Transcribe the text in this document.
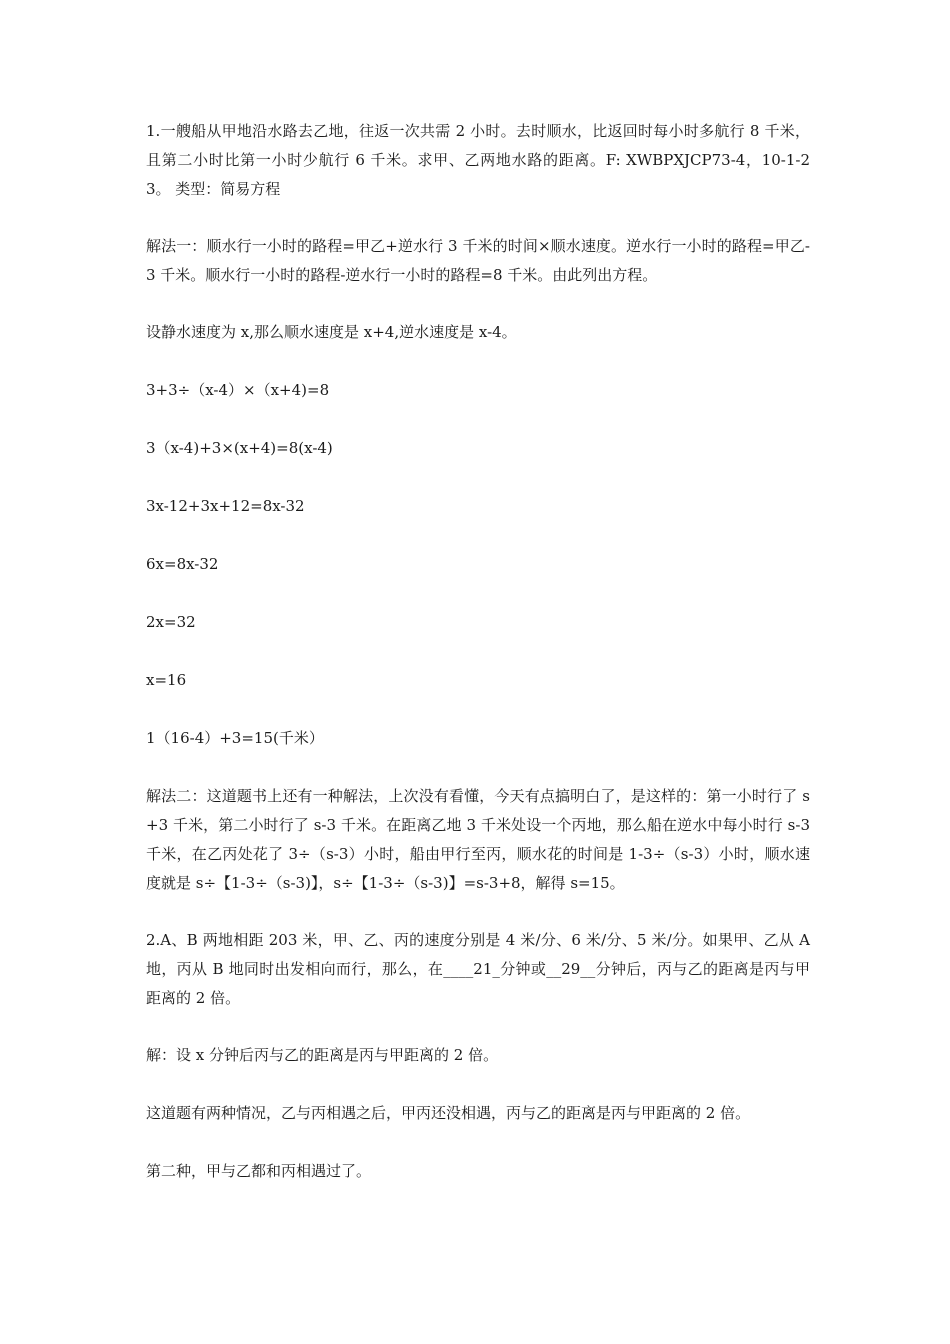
1.一艘船从甲地沿水路去乙地，往返一次共需 2 小时。去时顺水，比返回时每小时多航行 8 千米，且第二小时比第一小时少航行 6 千米。求甲、乙两地水路的距离。F: XWBPXJCP73-4，10-1-23。 类型：简易方程

解法一：顺水行一小时的路程=甲乙+逆水行 3 千米的时间×顺水速度。逆水行一小时的路程=甲乙-3 千米。顺水行一小时的路程-逆水行一小时的路程=8 千米。由此列出方程。

设静水速度为 x,那么顺水速度是 x+4,逆水速度是 x-4。

3+3÷（x-4）×（x+4)=8

3（x-4)+3×(x+4)=8(x-4)

3x-12+3x+12=8x-32

6x=8x-32

2x=32

x=16

1（16-4）+3=15(千米）

解法二：这道题书上还有一种解法，上次没有看懂，今天有点搞明白了，是这样的：第一小时行了 s+3 千米，第二小时行了 s-3 千米。在距离乙地 3 千米处设一个丙地，那么船在逆水中每小时行 s-3 千米，在乙丙处花了 3÷（s-3）小时，船由甲行至丙，顺水花的时间是 1-3÷（s-3）小时，顺水速度就是 s÷【1-3÷（s-3)】，s÷【1-3÷（s-3)】=s-3+8，解得 s=15。

2.A、B 两地相距 203 米，甲、乙、丙的速度分别是 4 米/分、6 米/分、5 米/分。如果甲、乙从 A 地，丙从 B 地同时出发相向而行，那么，在____21_分钟或__29__分钟后，丙与乙的距离是丙与甲距离的 2 倍。

解：设 x 分钟后丙与乙的距离是丙与甲距离的 2 倍。

这道题有两种情况，乙与丙相遇之后，甲丙还没相遇，丙与乙的距离是丙与甲距离的 2 倍。

第二种，甲与乙都和丙相遇过了。
